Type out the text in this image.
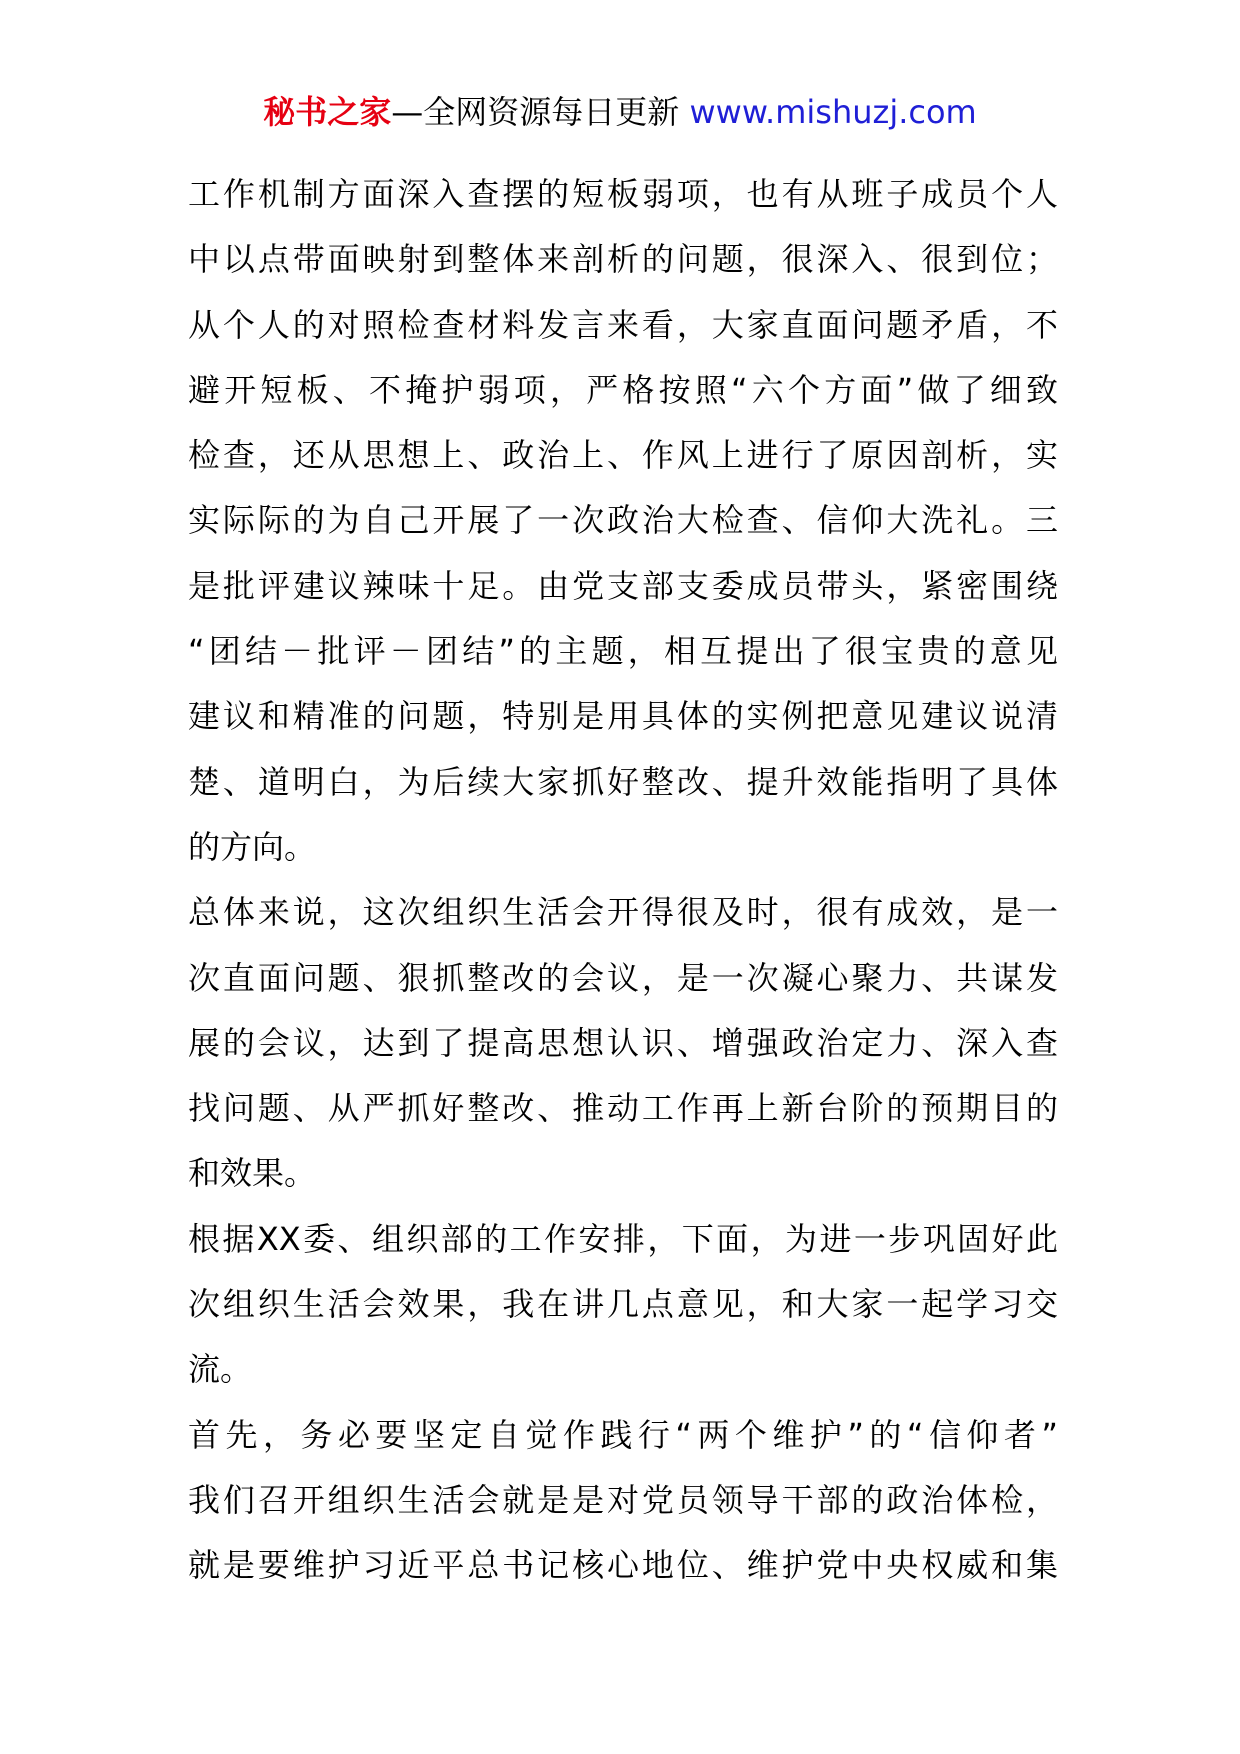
秘书之家—全网资源每日更新 www.mishuzj.com
工作机制方面深入查摆的短板弱项，也有从班子成员个人
中以点带面映射到整体来剖析的问题，很深入、很到位；
从个人的对照检查材料发言来看，大家直面问题矛盾，不
避开短板、不掩护弱项，严格按照“六个方面”做了细致
检查，还从思想上、政治上、作风上进行了原因剖析，实
实际际的为自己开展了一次政治大检查、信仰大洗礼。三
是批评建议辣味十足。由党支部支委成员带头，紧密围绕
“团结－批评－团结”的主题，相互提出了很宝贵的意见
建议和精准的问题，特别是用具体的实例把意见建议说清
楚、道明白，为后续大家抓好整改、提升效能指明了具体
的方向。
总体来说，这次组织生活会开得很及时，很有成效，是一
次直面问题、狠抓整改的会议，是一次凝心聚力、共谋发
展的会议，达到了提高思想认识、增强政治定力、深入查
找问题、从严抓好整改、推动工作再上新台阶的预期目的
和效果。
根据XX委、组织部的工作安排，下面，为进一步巩固好此
次组织生活会效果，我在讲几点意见，和大家一起学习交
流。
首先，务必要坚定自觉作践行“两个维护”的“信仰者”
我们召开组织生活会就是是对党员领导干部的政治体检，
就是要维护习近平总书记核心地位、维护党中央权威和集
